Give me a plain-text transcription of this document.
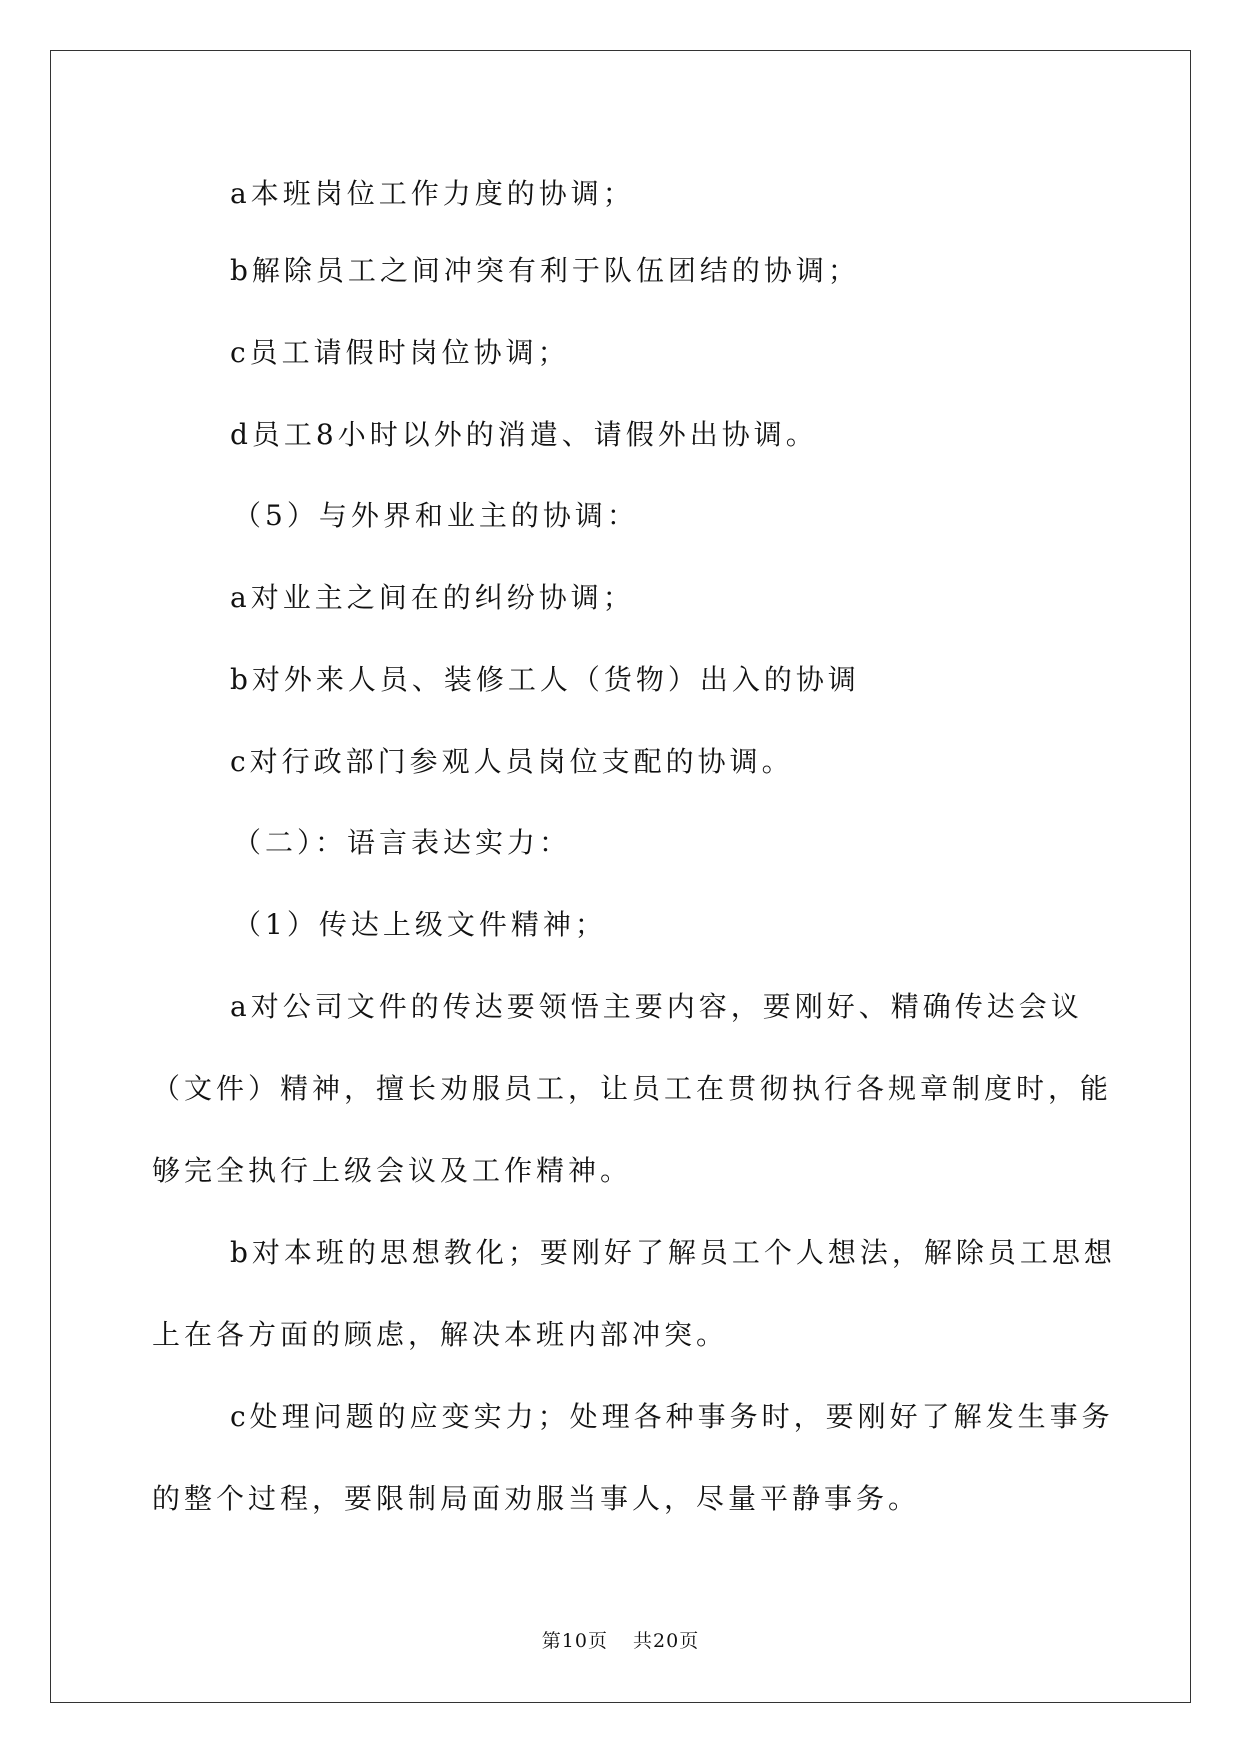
a本班岗位工作力度的协调；
b解除员工之间冲突有利于队伍团结的协调；
c员工请假时岗位协调；
d员工8小时以外的消遣、请假外出协调。
（5）与外界和业主的协调：
a对业主之间在的纠纷协调；
b对外来人员、装修工人（货物）出入的协调
c对行政部门参观人员岗位支配的协调。
（二）：语言表达实力：
（1）传达上级文件精神；
a对公司文件的传达要领悟主要内容，要刚好、精确传达会议
（文件）精神，擅长劝服员工，让员工在贯彻执行各规章制度时，能
够完全执行上级会议及工作精神。
b对本班的思想教化；要刚好了解员工个人想法，解除员工思想
上在各方面的顾虑，解决本班内部冲突。
c处理问题的应变实力；处理各种事务时，要刚好了解发生事务
的整个过程，要限制局面劝服当事人，尽量平静事务。
第10页 共20页
